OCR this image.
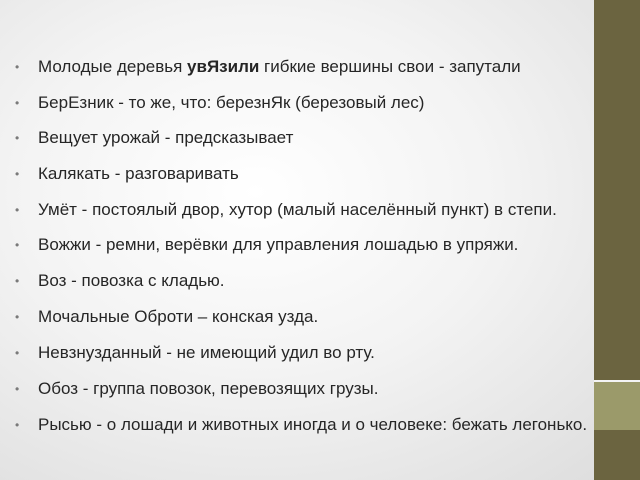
• Молодые деревья увЯзили гибкие вершины свои - запутали
• БерЕзник - то же, что: березнЯк (березовый лес)
• Вещует урожай - предсказывает
• Калякать - разговаривать
• Умёт - постоялый двор, хутор (малый населённый пункт) в степи.
• Вожжи - ремни, верёвки для управления лошадью в упряжи.
• Воз - повозка с кладью.
• Мочальные Оброти – конская узда.
• Невзнузданный - не имеющий удил во рту.
• Обоз - группа повозок, перевозящих грузы.
• Рысью - о лошади и животных иногда и о человеке: бежать легонько.
